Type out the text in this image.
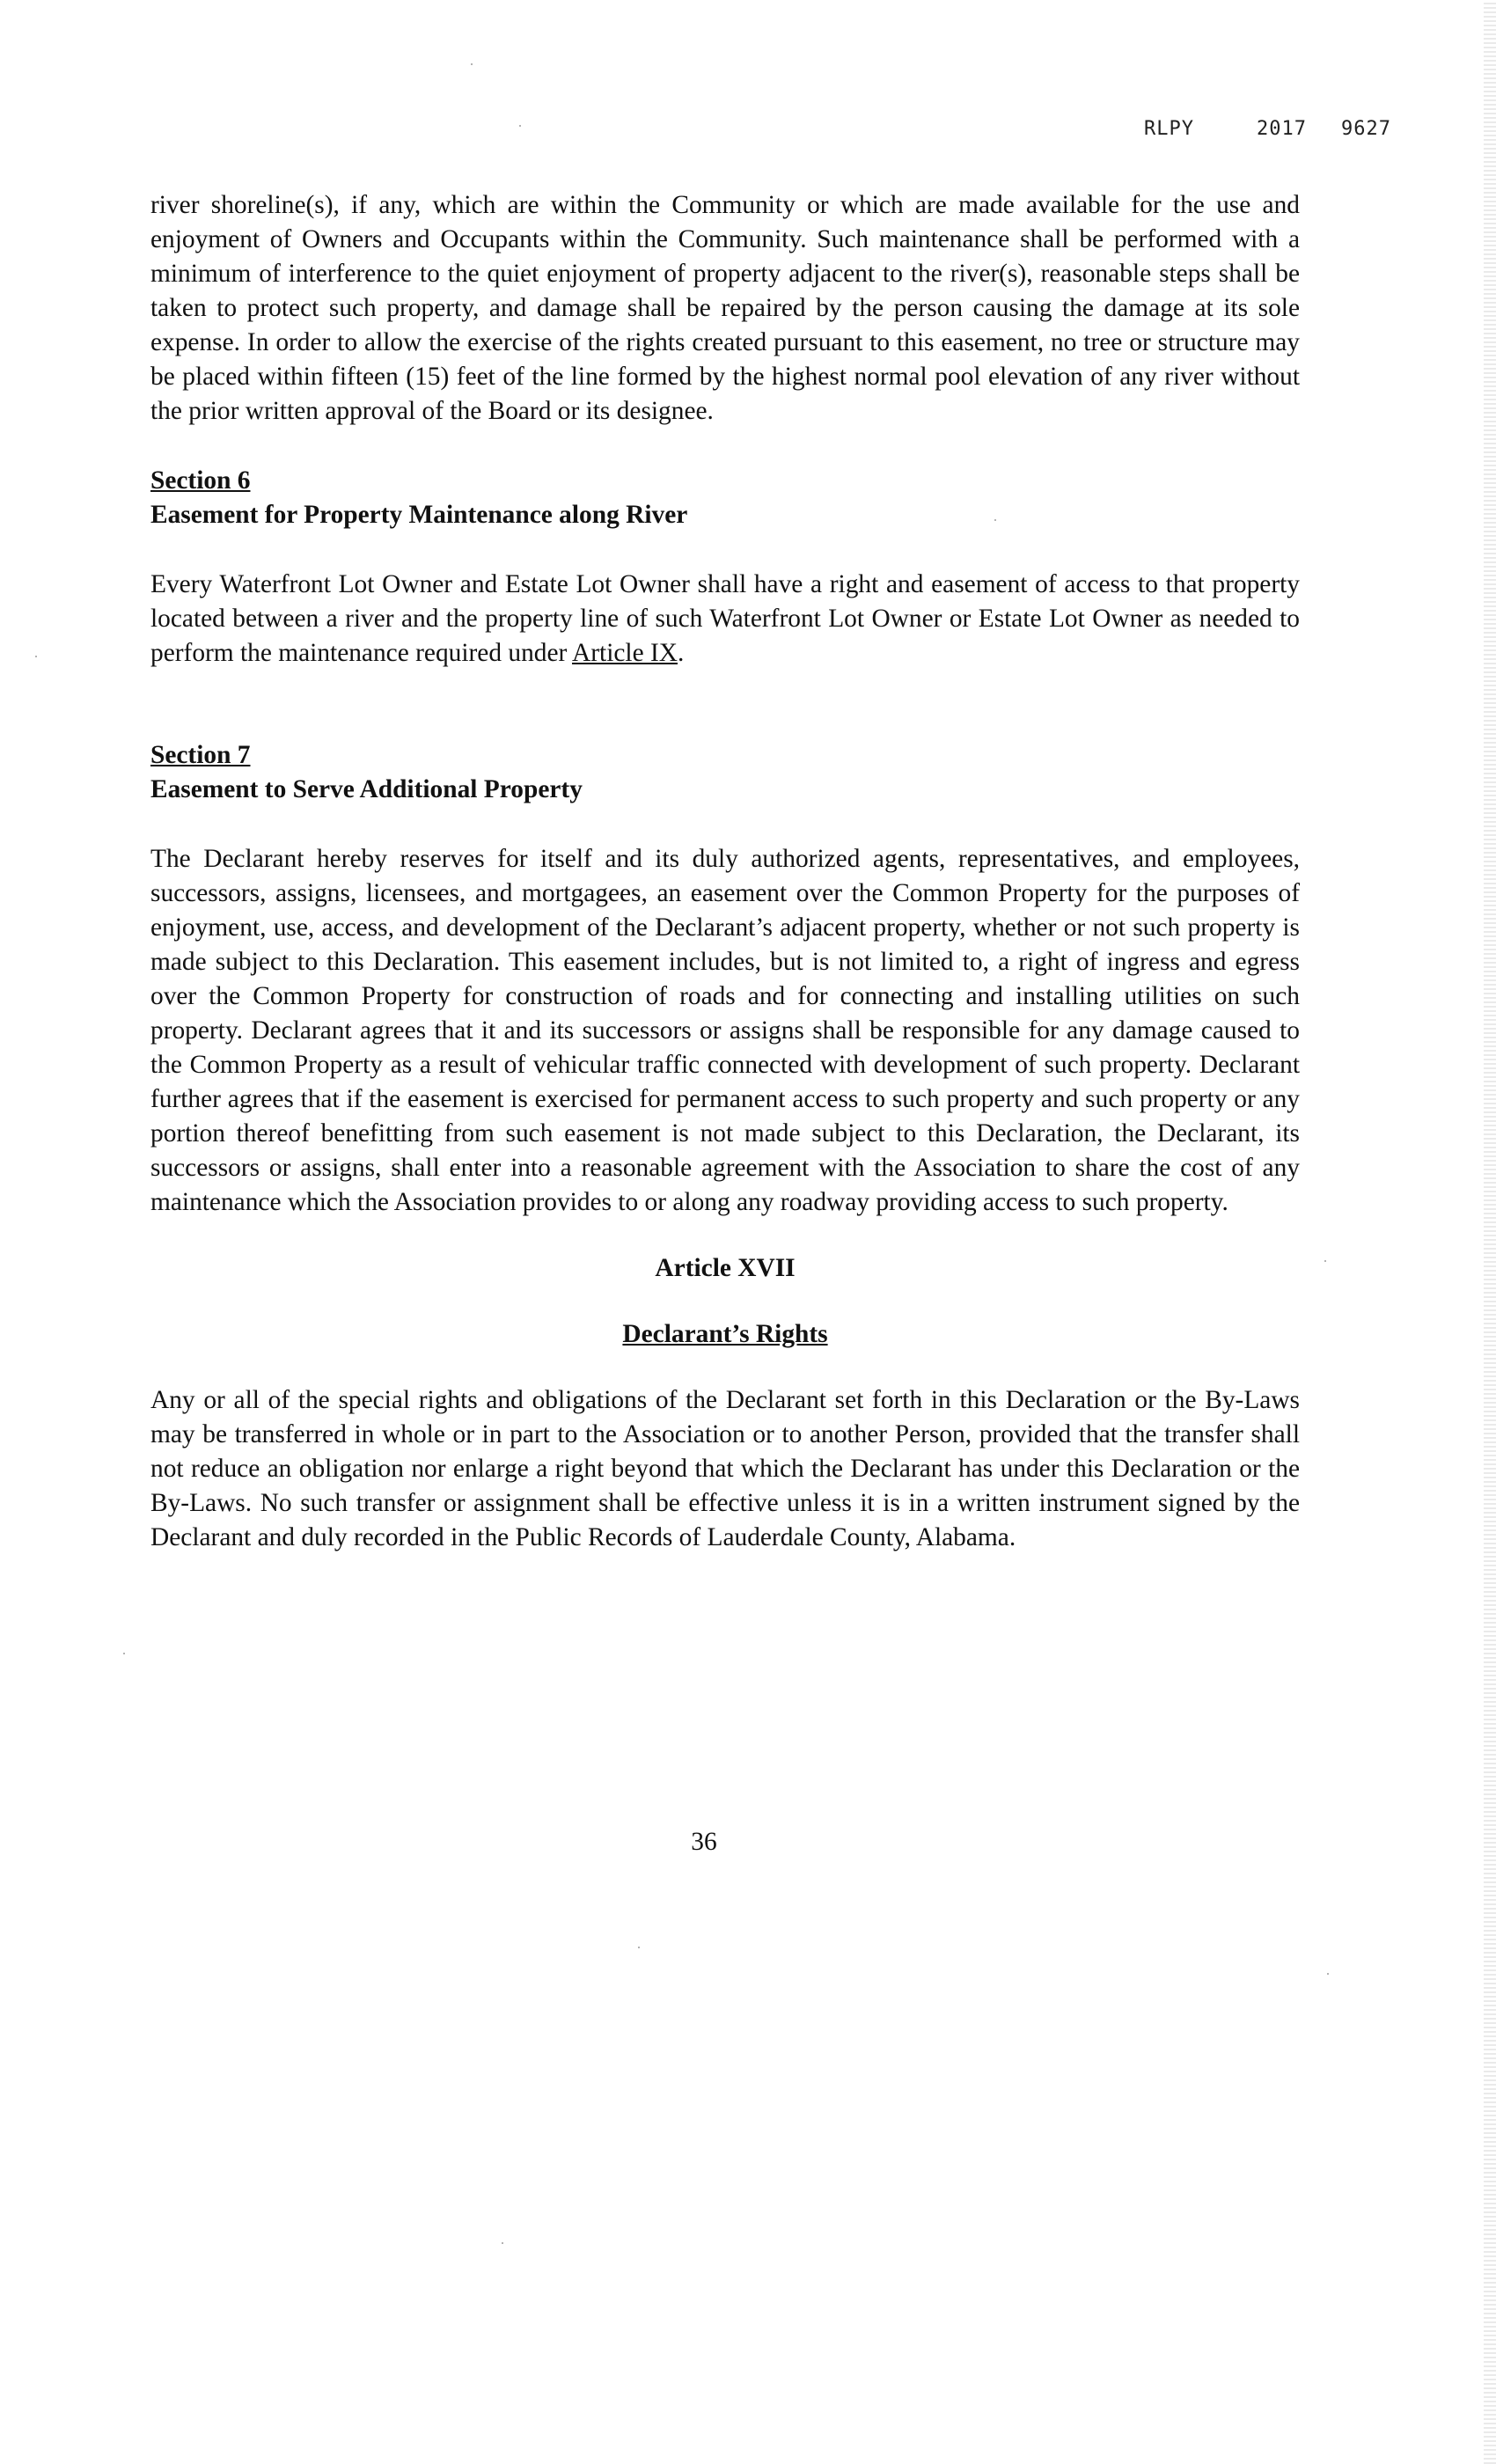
RLPY	2017 9627

river shoreline(s), if any, which are within the Community or which are made available for the use and enjoyment of Owners and Occupants within the Community. Such maintenance shall be performed with a minimum of interference to the quiet enjoyment of property adjacent to the river(s), reasonable steps shall be taken to protect such property, and damage shall be repaired by the person causing the damage at its sole expense. In order to allow the exercise of the rights created pursuant to this easement, no tree or structure may be placed within fifteen (15) feet of the line formed by the highest normal pool elevation of any river without the prior written approval of the Board or its designee.

Section 6
Easement for Property Maintenance along River

Every Waterfront Lot Owner and Estate Lot Owner shall have a right and easement of access to that property located between a river and the property line of such Waterfront Lot Owner or Estate Lot Owner as needed to perform the maintenance required under Article IX.

Section 7
Easement to Serve Additional Property

The Declarant hereby reserves for itself and its duly authorized agents, representatives, and employees, successors, assigns, licensees, and mortgagees, an easement over the Common Property for the purposes of enjoyment, use, access, and development of the Declarant’s adjacent property, whether or not such property is made subject to this Declaration. This easement includes, but is not limited to, a right of ingress and egress over the Common Property for construction of roads and for connecting and installing utilities on such property. Declarant agrees that it and its successors or assigns shall be responsible for any damage caused to the Common Property as a result of vehicular traffic connected with development of such property. Declarant further agrees that if the easement is exercised for permanent access to such property and such property or any portion thereof benefitting from such easement is not made subject to this Declaration, the Declarant, its successors or assigns, shall enter into a reasonable agreement with the Association to share the cost of any maintenance which the Association provides to or along any roadway providing access to such property.

Article XVII
Declarant’s Rights

Any or all of the special rights and obligations of the Declarant set forth in this Declaration or the By-Laws may be transferred in whole or in part to the Association or to another Person, provided that the transfer shall not reduce an obligation nor enlarge a right beyond that which the Declarant has under this Declaration or the By-Laws. No such transfer or assignment shall be effective unless it is in a written instrument signed by the Declarant and duly recorded in the Public Records of Lauderdale County, Alabama.

36
